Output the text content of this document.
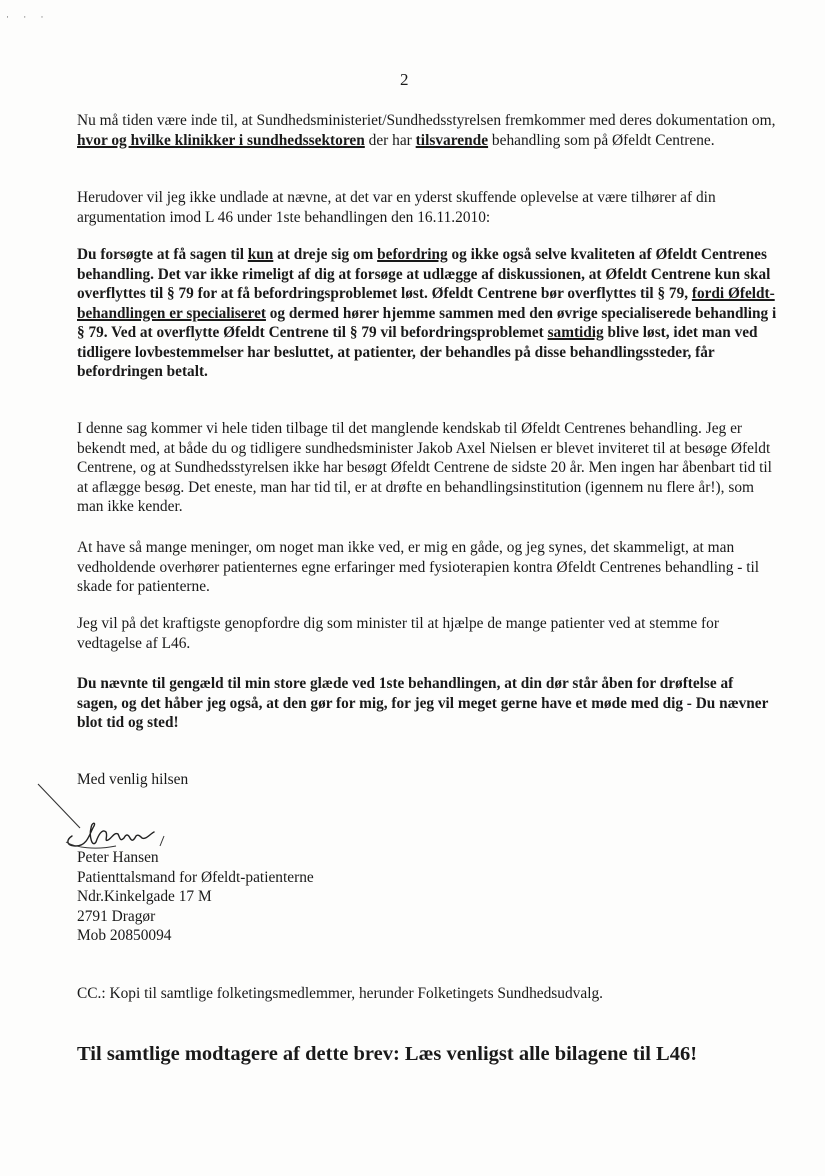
· · ·
2

Nu må tiden være inde til, at Sundhedsministeriet/Sundhedsstyrelsen fremkommer med deres dokumentation om, hvor og hvilke klinikker i sundhedssektoren der har tilsvarende behandling som på Øfeldt Centrene.

Herudover vil jeg ikke undlade at nævne, at det var en yderst skuffende oplevelse at være tilhører af din argumentation imod L 46 under 1ste behandlingen den 16.11.2010:

Du forsøgte at få sagen til kun at dreje sig om befordring og ikke også selve kvaliteten af Øfeldt Centrenes behandling. Det var ikke rimeligt af dig at forsøge at udlægge af diskussionen, at Øfeldt Centrene kun skal overflyttes til § 79 for at få befordringsproblemet løst. Øfeldt Centrene bør overflyttes til § 79, fordi Øfeldt-behandlingen er specialiseret og dermed hører hjemme sammen med den øvrige specialiserede behandling i § 79. Ved at overflytte Øfeldt Centrene til § 79 vil befordringsproblemet samtidig blive løst, idet man ved tidligere lovbestemmelser har besluttet, at patienter, der behandles på disse behandlingssteder, får befordringen betalt.

I denne sag kommer vi hele tiden tilbage til det manglende kendskab til Øfeldt Centrenes behandling. Jeg er bekendt med, at både du og tidligere sundhedsminister Jakob Axel Nielsen er blevet inviteret til at besøge Øfeldt Centrene, og at Sundhedsstyrelsen ikke har besøgt Øfeldt Centrene de sidste 20 år. Men ingen har åbenbart tid til at aflægge besøg. Det eneste, man har tid til, er at drøfte en behandlingsinstitution (igennem nu flere år!), som man ikke kender.

At have så mange meninger, om noget man ikke ved, er mig en gåde, og jeg synes, det skammeligt, at man vedholdende overhører patienternes egne erfaringer med fysioterapien kontra Øfeldt Centrenes behandling - til skade for patienterne.

Jeg vil på det kraftigste genopfordre dig som minister til at hjælpe de mange patienter ved at stemme for vedtagelse af L46.

Du nævnte til gengæld til min store glæde ved 1ste behandlingen, at din dør står åben for drøftelse af sagen, og det håber jeg også, at den gør for mig, for jeg vil meget gerne have et møde med dig - Du nævner blot tid og sted!

Med venlig hilsen

Peter Hansen
Patienttalsmand for Øfeldt-patienterne
Ndr.Kinkelgade 17 M
2791 Dragør
Mob 20850094

CC.: Kopi til samtlige folketingsmedlemmer, herunder Folketingets Sundhedsudvalg.

Til samtlige modtagere af dette brev: Læs venligst alle bilagene til L46!
